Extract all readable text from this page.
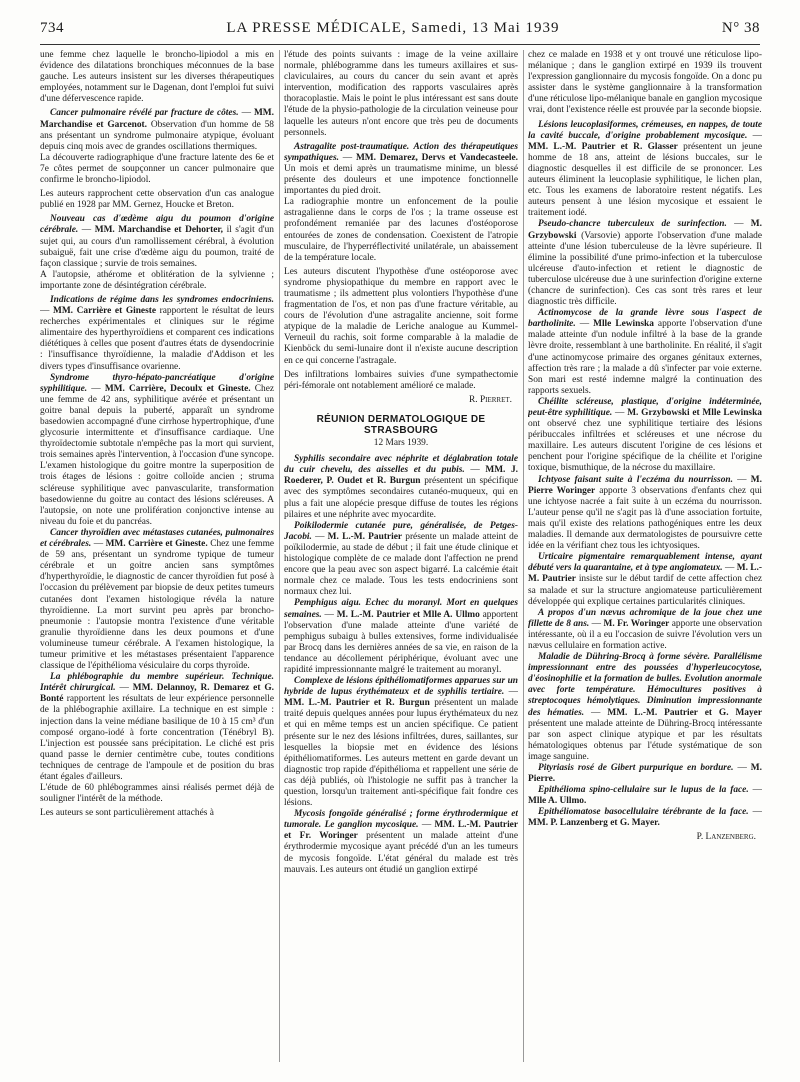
734	LA PRESSE MÉDICALE, Samedi, 13 Mai 1939	N° 38

une femme chez laquelle le broncho-lipiodol a mis en évidence des dilatations bronchiques méconnues de la base gauche. Les auteurs insistent sur les diverses thérapeutiques employées, notamment sur le Dagenan, dont l'emploi fut suivi d'une défervescence rapide.

Cancer pulmonaire révélé par fracture de côtes. — MM. Marchandise et Garcenot. Observation d'un homme de 58 ans présentant un syndrome pulmonaire atypique, évoluant depuis cinq mois avec de grandes oscillations thermiques.

La découverte radiographique d'une fracture latente des 6e et 7e côtes permet de soupçonner un cancer pulmonaire que confirme le broncho-lipiodol.

Les auteurs rapprochent cette observation d'un cas analogue publié en 1928 par MM. Gernez, Houcke et Breton.

Nouveau cas d'œdème aigu du poumon d'origine cérébrale. — MM. Marchandise et Dehorter, il s'agit d'un sujet qui, au cours d'un ramollissement cérébral, à évolution subaiguë, fait une crise d'œdème aigu du poumon, traité de façon classique ; survie de trois semaines.

A l'autopsie, athérome et oblitération de la sylvienne ; importante zone de désintégration cérébrale.

Indications de régime dans les syndromes endocriniens. — MM. Carrière et Gineste rapportent le résultat de leurs recherches expérimentales et cliniques sur le régime alimentaire des hyperthyroïdiens et comparent ces indications diététiques à celles que posent d'autres états de dysendocrinie : l'insuffisance thyroïdienne, la maladie d'Addison et les divers types d'insuffisance ovarienne.

Syndrome thyro-hépato-pancréatique d'origine syphilitique. — MM. Carrière, Decoulx et Gineste. Chez une femme de 42 ans, syphilitique avérée et présentant un goitre banal depuis la puberté, apparaît un syndrome basedowien accompagné d'une cirrhose hypertrophique, d'une glycosurie intermittente et d'insuffisance cardiaque. Une thyroïdectomie subtotale n'empêche pas la mort qui survient, trois semaines après l'intervention, à l'occasion d'une syncope. L'examen histologique du goitre montre la superposition de trois étages de lésions : goitre colloïde ancien ; struma scléreuse syphilitique avec panvascularite, transformation basedowienne du goitre au contact des lésions scléreuses. A l'autopsie, on note une prolifération conjonctive intense au niveau du foie et du pancréas.

Cancer thyroïdien avec métastases cutanées, pulmonaires et cérébrales. — MM. Carrière et Gineste. Chez une femme de 59 ans, présentant un syndrome typique de tumeur cérébrale et un goitre ancien sans symptômes d'hyperthyroïdie, le diagnostic de cancer thyroïdien fut posé à l'occasion du prélèvement par biopsie de deux petites tumeurs cutanées dont l'examen histologique révéla la nature thyroïdienne. La mort survint peu après par broncho-pneumonie : l'autopsie montra l'existence d'une véritable granulie thyroïdienne dans les deux poumons et d'une volumineuse tumeur cérébrale. A l'examen histologique, la tumeur primitive et les métastases présentaient l'apparence classique de l'épithélioma vésiculaire du corps thyroïde.

La phlébographie du membre supérieur. Technique. Intérêt chirurgical. — MM. Delannoy, R. Demarez et G. Bonté rapportent les résultats de leur expérience personnelle de la phlébographie axillaire. La technique en est simple : injection dans la veine médiane basilique de 10 à 15 cm³ d'un composé organo-iodé à forte concentration (Ténébryl B). L'injection est poussée sans précipitation. Le cliché est pris quand passe le dernier centimètre cube, toutes conditions techniques de centrage de l'ampoule et de position du bras étant égales d'ailleurs.

L'étude de 60 phlébogrammes ainsi réalisés permet déjà de souligner l'intérêt de la méthode.

Les auteurs se sont particulièrement attachés à

l'étude des points suivants : image de la veine axillaire normale, phlébogramme dans les tumeurs axillaires et sus-claviculaires, au cours du cancer du sein avant et après intervention, modification des rapports vasculaires après thoracoplastie. Mais le point le plus intéressant est sans doute l'étude de la physio-pathologie de la circulation veineuse pour laquelle les auteurs n'ont encore que très peu de documents personnels.

Astragalite post-traumatique. Action des thérapeutiques sympathiques. — MM. Demarez, Dervs et Vandecasteele. Un mois et demi après un traumatisme minime, un blessé présente des douleurs et une impotence fonctionnelle importantes du pied droit.

La radiographie montre un enfoncement de la poulie astragalienne dans le corps de l'os ; la trame osseuse est profondément remaniée par des lacunes d'ostéoporose entourées de zones de condensation. Coexistent de l'atropie musculaire, de l'hyperréflectivité unilatérale, un abaissement de la température locale.

Les auteurs discutent l'hypothèse d'une ostéoporose avec syndrome physiopathique du membre en rapport avec le traumatisme ; ils admettent plus volontiers l'hypothèse d'une fragmentation de l'os, et non pas d'une fracture véritable, au cours de l'évolution d'une astragalite ancienne, soit forme atypique de la maladie de Leriche analogue au Kummel-Verneuil du rachis, soit forme comparable à la maladie de Kienböck du semi-lunaire dont il n'existe aucune description en ce qui concerne l'astragale.

Des infiltrations lombaires suivies d'une sympathectomie péri-fémorale ont notablement amélioré ce malade.

R. Pierret.
RÉUNION DERMATOLOGIQUE DE STRASBOURG
12 Mars 1939.

Syphilis secondaire avec néphrite et déglabration totale du cuir chevelu, des aisselles et du pubis. — MM. J. Roederer, P. Oudet et R. Burgun présentent un spécifique avec des symptômes secondaires cutanéo-muqueux, qui en plus a fait une alopécie presque diffuse de toutes les régions pilaires et une néphrite avec myocardite.

Poikilodermie cutanée pure, généralisée, de Petges-Jacobi. — M. L.-M. Pautrier présente un malade atteint de poïkilodermie, au stade de début ; il fait une étude clinique et histologique complète de ce malade dont l'affection ne prend encore que la peau avec son aspect bigarré. La calcémie était normale chez ce malade. Tous les tests endocriniens sont normaux chez lui.

Pemphigus aigu. Echec du moranyl. Mort en quelques semaines. — M. L.-M. Pautrier et Mlle A. Ullmo apportent l'observation d'une malade atteinte d'une variété de pemphigus subaigu à bulles extensives, forme individualisée par Brocq dans les dernières années de sa vie, en raison de la tendance au décollement périphérique, évoluant avec une rapidité impressionnante malgré le traitement au moranyl.

Complexe de lésions épithéliomatiformes apparues sur un hybride de lupus érythémateux et de syphilis tertiaire. — MM. L.-M. Pautrier et R. Burgun présentent un malade traité depuis quelques années pour lupus érythémateux du nez et qui en même temps est un ancien spécifique. Ce patient présente sur le nez des lésions infiltrées, dures, saillantes, sur lesquelles la biopsie met en évidence des lésions épithéliomatiformes. Les auteurs mettent en garde devant un diagnostic trop rapide d'épithélioma et rappellent une série de cas déjà publiés, où l'histologie ne suffit pas à trancher la question, lorsqu'un traitement anti-spécifique fait fondre ces lésions.

Mycosis fongoïde généralisé ; forme érythrodermique et tumorale. Le ganglion mycosique. — MM. L.-M. Pautrier et Fr. Woringer présentent un malade atteint d'une érythrodermie mycosique ayant précédé d'un an les tumeurs de mycosis fongoïde. L'état général du malade est très mauvais. Les auteurs ont étudié un ganglion extirpé

chez ce malade en 1938 et y ont trouvé une réticulose lipo-mélanique ; dans le ganglion extirpé en 1939 ils trouvent l'expression ganglionnaire du mycosis fongoïde. On a donc pu assister dans le système ganglionnaire à la transformation d'une réticulose lipo-mélanique banale en ganglion mycosique vrai, dont l'existence réelle est prouvée par la seconde biopsie.

Lésions leucoplasiformes, crémeuses, en nappes, de toute la cavité buccale, d'origine probablement mycosique. — MM. L.-M. Pautrier et R. Glasser présentent un jeune homme de 18 ans, atteint de lésions buccales, sur le diagnostic desquelles il est difficile de se prononcer. Les auteurs éliminent la leucoplasie syphilitique, le lichen plan, etc. Tous les examens de laboratoire restent négatifs. Les auteurs pensent à une lésion mycosique et essaient le traitement iodé.

Pseudo-chancre tuberculeux de surinfection. — M. Grzybowski (Varsovie) apporte l'observation d'une malade atteinte d'une lésion tuberculeuse de la lèvre supérieure. Il élimine la possibilité d'une primo-infection et la tuberculose ulcéreuse d'auto-infection et retient le diagnostic de tuberculose ulcéreuse due à une surinfection d'origine externe (chancre de surinfection). Ces cas sont très rares et leur diagnostic très difficile.

Actinomycose de la grande lèvre sous l'aspect de bartholinite. — Mlle Lewinska apporte l'observation d'une malade atteinte d'un nodule infiltré à la base de la grande lèvre droite, ressemblant à une bartholinite. En réalité, il s'agit d'une actinomycose primaire des organes génitaux externes, affection très rare ; la malade a dû s'infecter par voie externe. Son mari est resté indemne malgré la continuation des rapports sexuels.

Chéilite scléreuse, plastique, d'origine indéterminée, peut-être syphilitique. — M. Grzybowski et Mlle Lewinska ont observé chez une syphilitique tertiaire des lésions péribuccales infiltrées et scléreuses et une nécrose du maxillaire. Les auteurs discutent l'origine de ces lésions et penchent pour l'origine spécifique de la chéilite et l'origine toxique, bismuthique, de la nécrose du maxillaire.

Ichtyose faisant suite à l'eczéma du nourrisson. — M. Pierre Woringer apporte 3 observations d'enfants chez qui une ichtyose nacrée a fait suite à un eczéma du nourrisson. L'auteur pense qu'il ne s'agit pas là d'une association fortuite, mais qu'il existe des relations pathogéniques entre les deux maladies. Il demande aux dermatologistes de poursuivre cette idée en la vérifiant chez tous les ichtyosiques.

Urticaire pigmentaire remarquablement intense, ayant débuté vers la quarantaine, et à type angiomateux. — M. L.-M. Pautrier insiste sur le début tardif de cette affection chez sa malade et sur la structure angiomateuse particulièrement développée qui explique certaines particularités cliniques.

A propos d'un nævus achromique de la joue chez une fillette de 8 ans. — M. Fr. Woringer apporte une observation intéressante, où il a eu l'occasion de suivre l'évolution vers un nævus cellulaire en formation active.

Maladie de Dühring-Brocq à forme sévère. Parallélisme impressionnant entre des poussées d'hyperleucocytose, d'éosinophilie et la formation de bulles. Evolution anormale avec forte température. Hémocultures positives à streptocoques hémolytiques. Diminution impressionnante des hématies. — MM. L.-M. Pautrier et G. Mayer présentent une malade atteinte de Dühring-Brocq intéressante par son aspect clinique atypique et par les résultats hématologiques obtenus par l'étude systématique de son image sanguine.

Pityriasis rosé de Gibert purpurique en bordure. — M. Pierre.

Epithélioma spino-cellulaire sur le lupus de la face. — Mlle A. Ullmo.

Epithéliomatose basocellulaire térébrante de la face. — MM. P. Lanzenberg et G. Mayer.

P. Lanzenberg.
